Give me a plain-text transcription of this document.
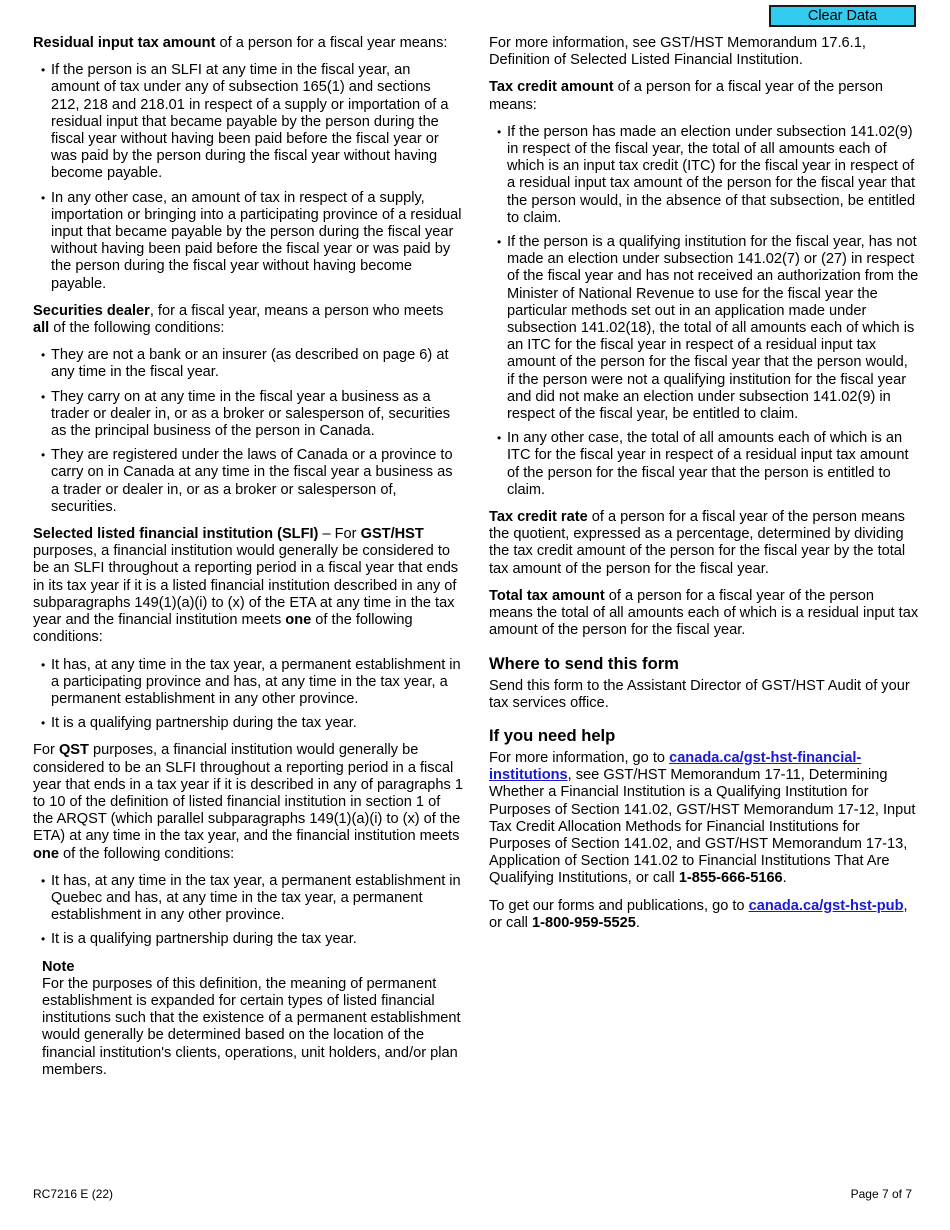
Clear Data

Residual input tax amount of a person for a fiscal year means:

• If the person is an SLFI at any time in the fiscal year, an amount of tax under any of subsection 165(1) and sections 212, 218 and 218.01 in respect of a supply or importation of a residual input that became payable by the person during the fiscal year without having been paid before the fiscal year or was paid by the person during the fiscal year without having become payable.
• In any other case, an amount of tax in respect of a supply, importation or bringing into a participating province of a residual input that became payable by the person during the fiscal year without having been paid before the fiscal year or was paid by the person during the fiscal year without having become payable.

Securities dealer, for a fiscal year, means a person who meets all of the following conditions:

• They are not a bank or an insurer (as described on page 6) at any time in the fiscal year.
• They carry on at any time in the fiscal year a business as a trader or dealer in, or as a broker or salesperson of, securities as the principal business of the person in Canada.
• They are registered under the laws of Canada or a province to carry on in Canada at any time in the fiscal year a business as a trader or dealer in, or as a broker or salesperson of, securities.

Selected listed financial institution (SLFI) – For GST/HST purposes, a financial institution would generally be considered to be an SLFI throughout a reporting period in a fiscal year that ends in its tax year if it is a listed financial institution described in any of subparagraphs 149(1)(a)(i) to (x) of the ETA at any time in the tax year and the financial institution meets one of the following conditions:

• It has, at any time in the tax year, a permanent establishment in a participating province and has, at any time in the tax year, a permanent establishment in any other province.
• It is a qualifying partnership during the tax year.

For QST purposes, a financial institution would generally be considered to be an SLFI throughout a reporting period in a fiscal year that ends in a tax year if it is described in any of paragraphs 1 to 10 of the definition of listed financial institution in section 1 of the ARQST (which parallel subparagraphs 149(1)(a)(i) to (x) of the ETA) at any time in the tax year, and the financial institution meets one of the following conditions:

• It has, at any time in the tax year, a permanent establishment in Quebec and has, at any time in the tax year, a permanent establishment in any other province.
• It is a qualifying partnership during the tax year.
Note
For the purposes of this definition, the meaning of permanent establishment is expanded for certain types of listed financial institutions such that the existence of a permanent establishment would generally be determined based on the location of the financial institution's clients, operations, unit holders, and/or plan members.

For more information, see GST/HST Memorandum 17.6.1, Definition of Selected Listed Financial Institution.

Tax credit amount of a person for a fiscal year of the person means:

• If the person has made an election under subsection 141.02(9) in respect of the fiscal year, the total of all amounts each of which is an input tax credit (ITC) for the fiscal year in respect of a residual input tax amount of the person for the fiscal year that the person would, in the absence of that subsection, be entitled to claim.
• If the person is a qualifying institution for the fiscal year, has not made an election under subsection 141.02(7) or (27) in respect of the fiscal year and has not received an authorization from the Minister of National Revenue to use for the fiscal year the particular methods set out in an application made under subsection 141.02(18), the total of all amounts each of which is an ITC for the fiscal year in respect of a residual input tax amount of the person for the fiscal year that the person would, if the person were not a qualifying institution for the fiscal year and did not make an election under subsection 141.02(9) in respect of the fiscal year, be entitled to claim.
• In any other case, the total of all amounts each of which is an ITC for the fiscal year in respect of a residual input tax amount of the person for the fiscal year that the person is entitled to claim.

Tax credit rate of a person for a fiscal year of the person means the quotient, expressed as a percentage, determined by dividing the tax credit amount of the person for the fiscal year by the total tax amount of the person for the fiscal year.

Total tax amount of a person for a fiscal year of the person means the total of all amounts each of which is a residual input tax amount of the person for the fiscal year.

Where to send this form

Send this form to the Assistant Director of GST/HST Audit of your tax services office.

If you need help

For more information, go to canada.ca/gst-hst-financial-institutions, see GST/HST Memorandum 17-11, Determining Whether a Financial Institution is a Qualifying Institution for Purposes of Section 141.02, GST/HST Memorandum 17-12, Input Tax Credit Allocation Methods for Financial Institutions for Purposes of Section 141.02, and GST/HST Memorandum 17-13, Application of Section 141.02 to Financial Institutions That Are Qualifying Institutions, or call 1-855-666-5166.

To get our forms and publications, go to canada.ca/gst-hst-pub, or call 1-800-959-5525.

RC7216 E (22)	Page 7 of 7
